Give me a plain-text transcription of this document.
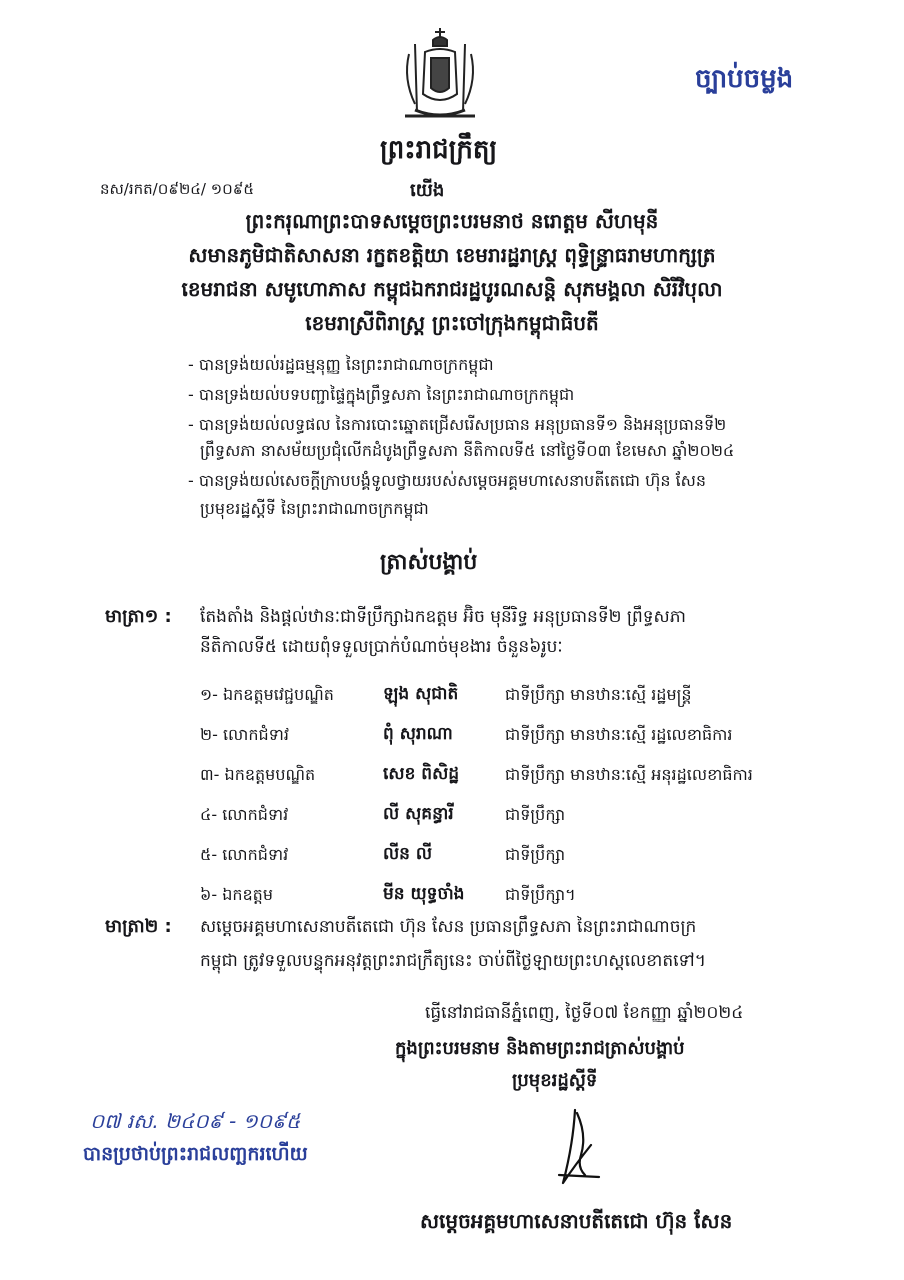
ច្បាប់ចម្លង
ព្រះរាជក្រឹត្យ
នស/រកត/០៩២៤/ ១០៩៥	យើង
ព្រះករុណាព្រះបាទសម្តេចព្រះបរមនាថ នរោត្តម សីហមុនី
សមានភូមិជាតិសាសនា រក្ខតខត្តិយា ខេមរារដ្ឋរាស្ត្រ ពុទ្ធិន្ទ្រាធរាមហាក្សត្រ
ខេមរាជនា សមូហោភាស កម្ពុជឯករាជរដ្ឋបូរណសន្តិ សុភមង្គលា សិរីវិបុលា
ខេមរាស្រីពិរាស្ត្រ ព្រះចៅក្រុងកម្ពុជាធិបតី
- បានទ្រង់យល់រដ្ឋធម្មនុញ្ញ នៃព្រះរាជាណាចក្រកម្ពុជា
- បានទ្រង់យល់បទបញ្ជាផ្ទៃក្នុងព្រឹទ្ធសភា នៃព្រះរាជាណាចក្រកម្ពុជា
- បានទ្រង់យល់លទ្ធផល នៃការបោះឆ្នោតជ្រើសរើសប្រធាន អនុប្រធានទី១ និងអនុប្រធានទី២
ព្រឹទ្ធសភា នាសម័យប្រជុំលើកដំបូងព្រឹទ្ធសភា នីតិកាលទី៥ នៅថ្ងៃទី០៣ ខែមេសា ឆ្នាំ២០២៤
- បានទ្រង់យល់សេចក្តីក្រាបបង្គំទូលថ្វាយរបស់សម្តេចអគ្គមហាសេនាបតីតេជោ ហ៊ុន សែន
ប្រមុខរដ្ឋស្តីទី នៃព្រះរាជាណាចក្រកម្ពុជា
ត្រាស់បង្គាប់
មាត្រា១ : តែងតាំង និងផ្តល់ឋានៈជាទីប្រឹក្សាឯកឧត្តម អ៊ិច មុនីរិទ្ធ អនុប្រធានទី២ ព្រឹទ្ធសភា
នីតិកាលទី៥ ដោយពុំទទួលប្រាក់បំណាច់មុខងារ ចំនួន៦រូបៈ
១- ឯកឧត្តមវេជ្ជបណ្ឌិត	ឡុង សុជាតិ	ជាទីប្រឹក្សា មានឋានៈស្មើ រដ្ឋមន្ត្រី
២- លោកជំទាវ	ពុំ សុរាណា	ជាទីប្រឹក្សា មានឋានៈស្មើ រដ្ឋលេខាធិការ
៣- ឯកឧត្តមបណ្ឌិត	សេខ ពិសិដ្ឋ	ជាទីប្រឹក្សា មានឋានៈស្មើ អនុរដ្ឋលេខាធិការ
៤- លោកជំទាវ	លី សុគន្ធារី	ជាទីប្រឹក្សា
៥- លោកជំទាវ	លីន លី	ជាទីប្រឹក្សា
៦- ឯកឧត្តម	មីន យុទ្ធចាំង	ជាទីប្រឹក្សា។
មាត្រា២ : សម្តេចអគ្គមហាសេនាបតីតេជោ ហ៊ុន សែន ប្រធានព្រឹទ្ធសភា នៃព្រះរាជាណាចក្រ
កម្ពុជា ត្រូវទទួលបន្ទុកអនុវត្តព្រះរាជក្រឹត្យនេះ ចាប់ពីថ្ងៃឡាយព្រះហស្តលេខាតទៅ។
ធ្វើនៅរាជធានីភ្នំពេញ, ថ្ងៃទី០៧ ខែកញ្ញា ឆ្នាំ២០២៤
ក្នុងព្រះបរមនាម និងតាមព្រះរាជត្រាស់បង្គាប់
ប្រមុខរដ្ឋស្តីទី
០៧ រស. ២៤០៩ - ១០៩៥
បានប្រថាប់ព្រះរាជលញ្ឆករហើយ
សម្តេចអគ្គមហាសេនាបតីតេជោ ហ៊ុន សែន
